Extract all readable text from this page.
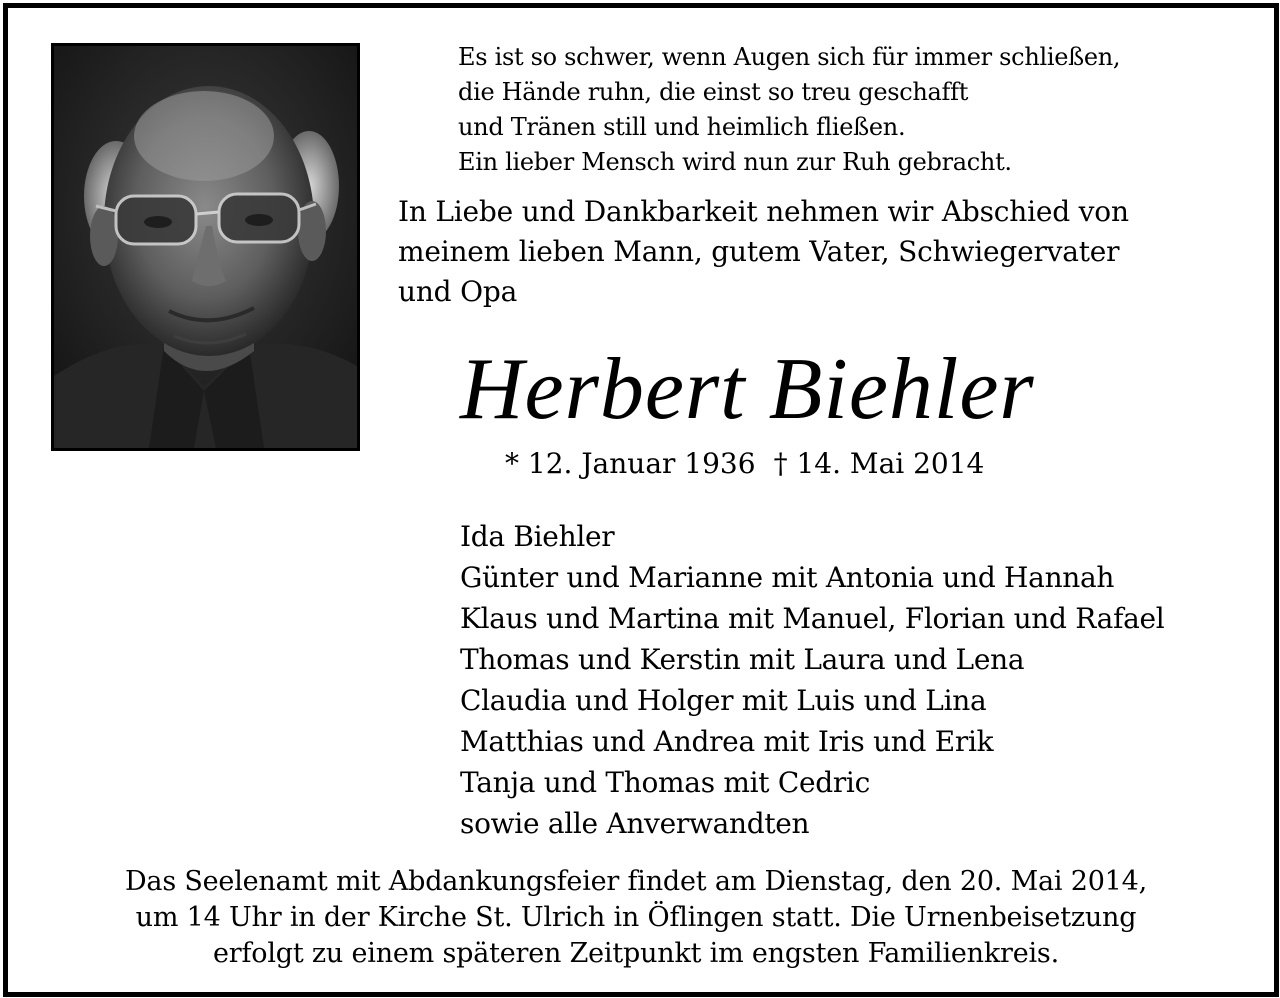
Es ist so schwer, wenn Augen sich für immer schließen,
die Hände ruhn, die einst so treu geschafft
und Tränen still und heimlich fließen.
Ein lieber Mensch wird nun zur Ruh gebracht.
In Liebe und Dankbarkeit nehmen wir Abschied von
meinem lieben Mann, gutem Vater, Schwiegervater
und Opa
Herbert Biehler
* 12. Januar 1936 † 14. Mai 2014
Ida Biehler
Günter und Marianne mit Antonia und Hannah
Klaus und Martina mit Manuel, Florian und Rafael
Thomas und Kerstin mit Laura und Lena
Claudia und Holger mit Luis und Lina
Matthias und Andrea mit Iris und Erik
Tanja und Thomas mit Cedric
sowie alle Anverwandten
Das Seelenamt mit Abdankungsfeier findet am Dienstag, den 20. Mai 2014,
um 14 Uhr in der Kirche St. Ulrich in Öflingen statt. Die Urnenbeisetzung
erfolgt zu einem späteren Zeitpunkt im engsten Familienkreis.
